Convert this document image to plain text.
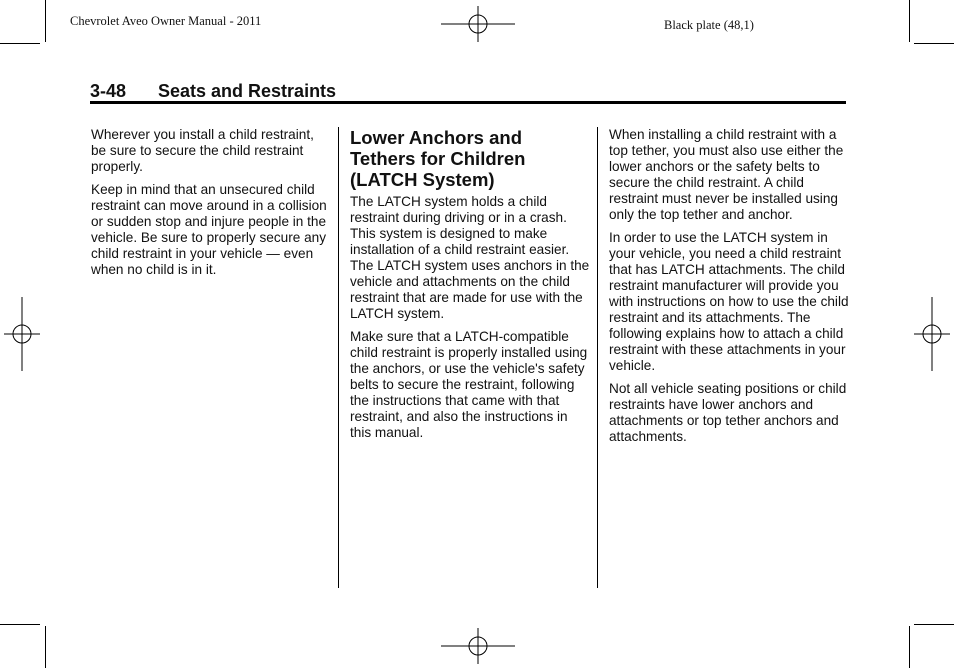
Chevrolet Aveo Owner Manual - 2011	Black plate (48,1)
3-48 Seats and Restraints

Wherever you install a child restraint, be sure to secure the child restraint properly.

Keep in mind that an unsecured child restraint can move around in a collision or sudden stop and injure people in the vehicle. Be sure to properly secure any child restraint in your vehicle — even when no child is in it.

Lower Anchors and Tethers for Children (LATCH System)

The LATCH system holds a child restraint during driving or in a crash. This system is designed to make installation of a child restraint easier. The LATCH system uses anchors in the vehicle and attachments on the child restraint that are made for use with the LATCH system.

Make sure that a LATCH-compatible child restraint is properly installed using the anchors, or use the vehicle's safety belts to secure the restraint, following the instructions that came with that restraint, and also the instructions in this manual.

When installing a child restraint with a top tether, you must also use either the lower anchors or the safety belts to secure the child restraint. A child restraint must never be installed using only the top tether and anchor.

In order to use the LATCH system in your vehicle, you need a child restraint that has LATCH attachments. The child restraint manufacturer will provide you with instructions on how to use the child restraint and its attachments. The following explains how to attach a child restraint with these attachments in your vehicle.

Not all vehicle seating positions or child restraints have lower anchors and attachments or top tether anchors and attachments.
